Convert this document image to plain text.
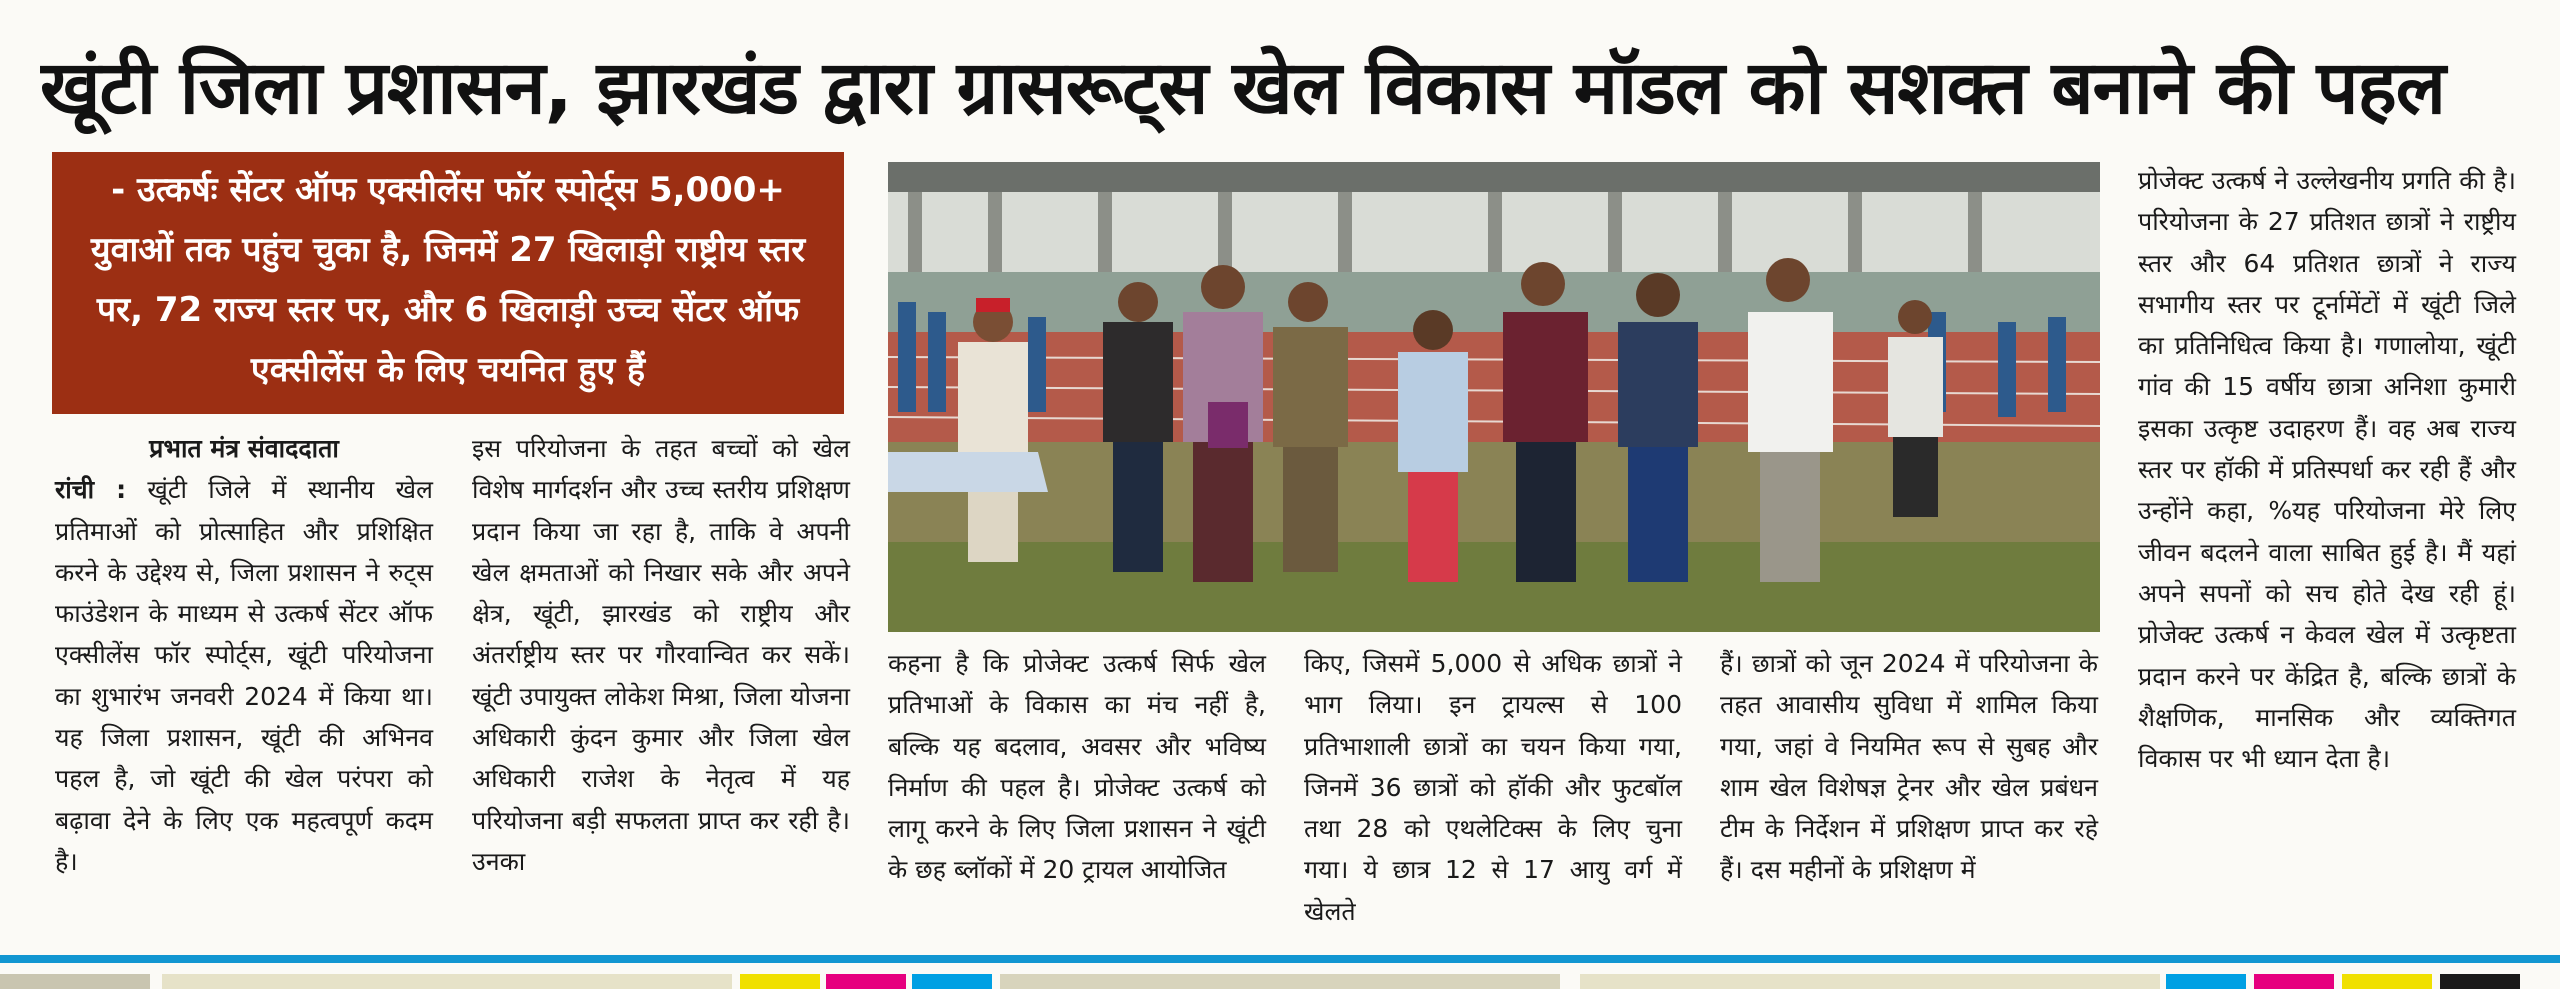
खूंटी जिला प्रशासन, झारखंड द्वारा ग्रासरूट्स खेल विकास मॉडल को सशक्त बनाने की पहल
- उत्कर्षः सेंटर ऑफ एक्सीलेंस फॉर स्पोर्ट्स 5,000+ युवाओं तक पहुंच चुका है, जिनमें 27 खिलाड़ी राष्ट्रीय स्तर पर, 72 राज्य स्तर पर, और 6 खिलाड़ी उच्च सेंटर ऑफ एक्सीलेंस के लिए चयनित हुए हैं
प्रभात मंत्र संवाददाता

रांची : खूंटी जिले में स्थानीय खेल प्रतिमाओं को प्रोत्साहित और प्रशिक्षित करने के उद्देश्य से, जिला प्रशासन ने रुट्स फाउंडेशन के माध्यम से उत्कर्ष सेंटर ऑफ एक्सीलेंस फॉर स्पोर्ट्स, खूंटी परियोजना का शुभारंभ जनवरी 2024 में किया था। यह जिला प्रशासन, खूंटी की अभिनव पहल है, जो खूंटी की खेल परंपरा को बढ़ावा देने के लिए एक महत्वपूर्ण कदम है।

इस परियोजना के तहत बच्चों को खेल विशेष मार्गदर्शन और उच्च स्तरीय प्रशिक्षण प्रदान किया जा रहा है, ताकि वे अपनी खेल क्षमताओं को निखार सके और अपने क्षेत्र, खूंटी, झारखंड को राष्ट्रीय और अंतर्राष्ट्रीय स्तर पर गौरवान्वित कर सकें। खूंटी उपायुक्त लोकेश मिश्रा, जिला योजना अधिकारी कुंदन कुमार और जिला खेल अधिकारी राजेश के नेतृत्व में यह परियोजना बड़ी सफलता प्राप्त कर रही है। उनका

कहना है कि प्रोजेक्ट उत्कर्ष सिर्फ खेल प्रतिभाओं के विकास का मंच नहीं है, बल्कि यह बदलाव, अवसर और भविष्य निर्माण की पहल है। प्रोजेक्ट उत्कर्ष को लागू करने के लिए जिला प्रशासन ने खूंटी के छह ब्लॉकों में 20 ट्रायल आयोजित

किए, जिसमें 5,000 से अधिक छात्रों ने भाग लिया। इन ट्रायल्स से 100 प्रतिभाशाली छात्रों का चयन किया गया, जिनमें 36 छात्रों को हॉकी और फुटबॉल तथा 28 को एथलेटिक्स के लिए चुना गया। ये छात्र 12 से 17 आयु वर्ग में खेलते

हैं। छात्रों को जून 2024 में परियोजना के तहत आवासीय सुविधा में शामिल किया गया, जहां वे नियमित रूप से सुबह और शाम खेल विशेषज्ञ ट्रेनर और खेल प्रबंधन टीम के निर्देशन में प्रशिक्षण प्राप्त कर रहे हैं। दस महीनों के प्रशिक्षण में

प्रोजेक्ट उत्कर्ष ने उल्लेखनीय प्रगति की है। परियोजना के 27 प्रतिशत छात्रों ने राष्ट्रीय स्तर और 64 प्रतिशत छात्रों ने राज्य सभागीय स्तर पर टूर्नामेंटों में खूंटी जिले का प्रतिनिधित्व किया है। गणालोया, खूंटी गांव की 15 वर्षीय छात्रा अनिशा कुमारी इसका उत्कृष्ट उदाहरण हैं। वह अब राज्य स्तर पर हॉकी में प्रतिस्पर्धा कर रही हैं और उन्होंने कहा, %यह परियोजना मेरे लिए जीवन बदलने वाला साबित हुई है। मैं यहां अपने सपनों को सच होते देख रही हूं। प्रोजेक्ट उत्कर्ष न केवल खेल में उत्कृष्टता प्रदान करने पर केंद्रित है, बल्कि छात्रों के शैक्षणिक, मानसिक और व्यक्तिगत विकास पर भी ध्यान देता है।
